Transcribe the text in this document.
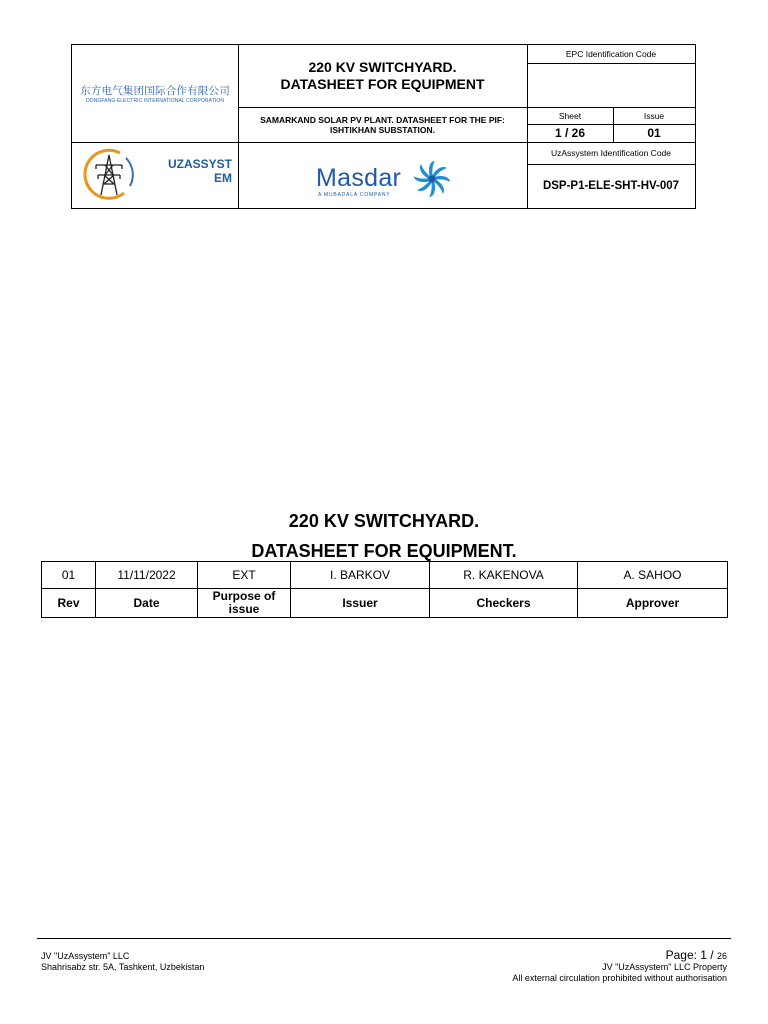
东方电气集团国际合作有限公司
DONGFANG ELECTRIC INTERNATIONAL CORPORATION
220 KV SWITCHYARD.
DATASHEET FOR EQUIPMENT
EPC Identification Code
SAMARKAND SOLAR PV PLANT. DATASHEET FOR THE PIF: ISHTIKHAN SUBSTATION.
Sheet	Issue
1 / 26	01
UZASSYST
EM	Masdar
A MUBADALA COMPANY
UzAssystem Identification Code
DSP-P1-ELE-SHT-HV-007
220 KV SWITCHYARD.
DATASHEET FOR EQUIPMENT.
01	11/11/2022	EXT	I. BARKOV	R. KAKENOVA	A. SAHOO
Rev	Date	Purpose of issue	Issuer	Checkers	Approver
JV "UzAssystem" LLC
Shahrisabz str. 5A, Tashkent, Uzbekistan
Page: 1 / 26
JV "UzAssystem" LLC Property
All external circulation prohibited without authorisation
